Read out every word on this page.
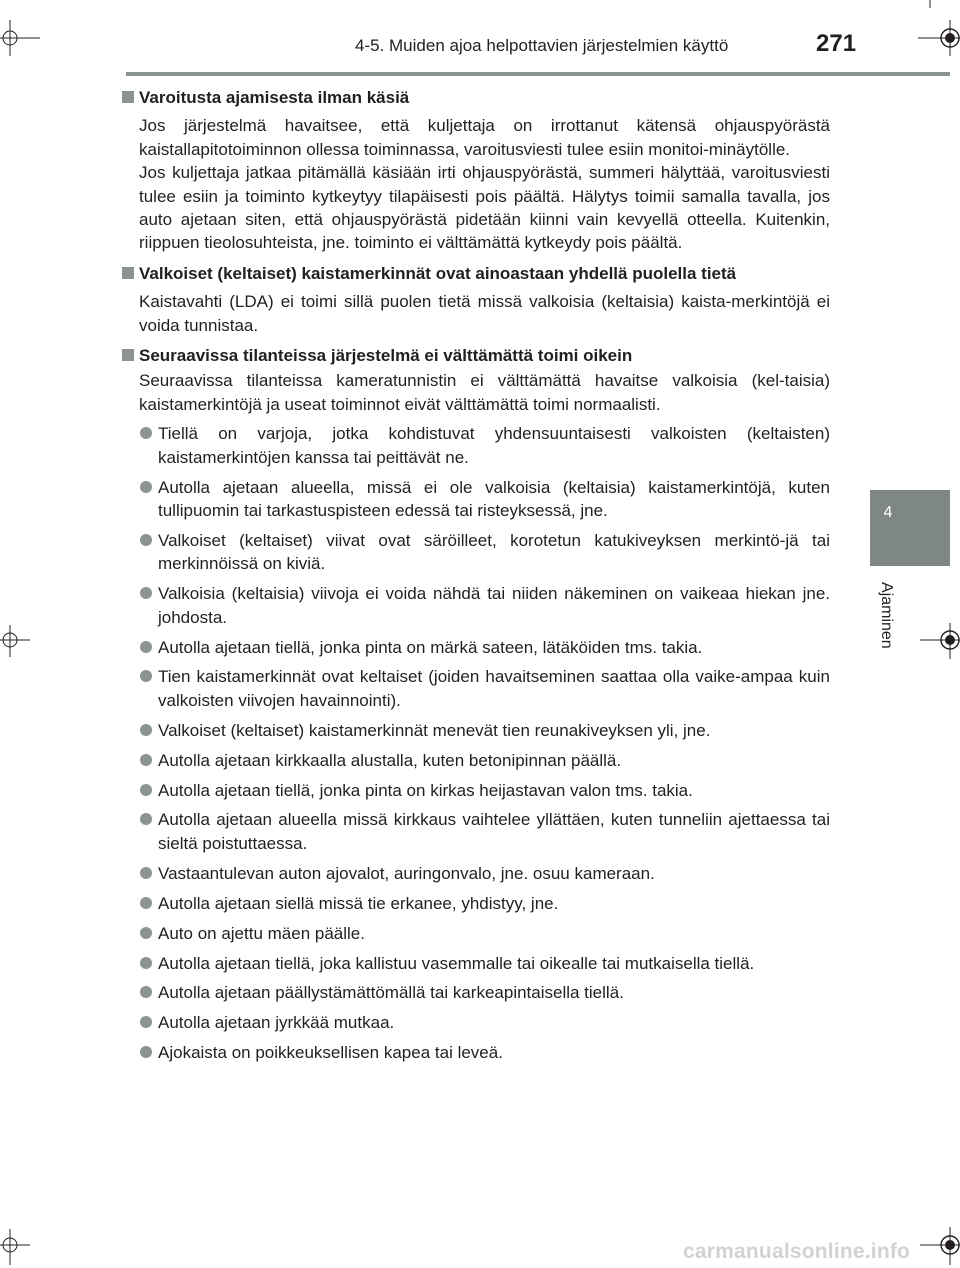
4-5. Muiden ajoa helpottavien järjestelmien käyttö	271
4
Ajaminen

Varoitusta ajamisesta ilman käsiä

Jos järjestelmä havaitsee, että kuljettaja on irrottanut kätensä ohjauspyörästä kaistallapitotoiminnon ollessa toiminnassa, varoitusviesti tulee esiin monitoi-minäytölle.
Jos kuljettaja jatkaa pitämällä käsiään irti ohjauspyörästä, summeri hälyttää, varoitusviesti tulee esiin ja toiminto kytkeytyy tilapäisesti pois päältä. Hälytys toimii samalla tavalla, jos auto ajetaan siten, että ohjauspyörästä pidetään kiinni vain kevyellä otteella. Kuitenkin, riippuen tieolosuhteista, jne. toiminto ei välttämättä kytkeydy pois päältä.

Valkoiset (keltaiset) kaistamerkinnät ovat ainoastaan yhdellä puolella tietä

Kaistavahti (LDA) ei toimi sillä puolen tietä missä valkoisia (keltaisia) kaista-merkintöjä ei voida tunnistaa.

Seuraavissa tilanteissa järjestelmä ei välttämättä toimi oikein

Seuraavissa tilanteissa kameratunnistin ei välttämättä havaitse valkoisia (kel-taisia) kaistamerkintöjä ja useat toiminnot eivät välttämättä toimi normaalisti.
Tiellä on varjoja, jotka kohdistuvat yhdensuuntaisesti valkoisten (keltaisten) kaistamerkintöjen kanssa tai peittävät ne.
Autolla ajetaan alueella, missä ei ole valkoisia (keltaisia) kaistamerkintöjä, kuten tullipuomin tai tarkastuspisteen edessä tai risteyksessä, jne.
Valkoiset (keltaiset) viivat ovat säröilleet, korotetun katukiveyksen merkintö-jä tai merkinnöissä on kiviä.
Valkoisia (keltaisia) viivoja ei voida nähdä tai niiden näkeminen on vaikeaa hiekan jne. johdosta.
Autolla ajetaan tiellä, jonka pinta on märkä sateen, lätäköiden tms. takia.
Tien kaistamerkinnät ovat keltaiset (joiden havaitseminen saattaa olla vaike-ampaa kuin valkoisten viivojen havainnointi).
Valkoiset (keltaiset) kaistamerkinnät menevät tien reunakiveyksen yli, jne.
Autolla ajetaan kirkkaalla alustalla, kuten betonipinnan päällä.
Autolla ajetaan tiellä, jonka pinta on kirkas heijastavan valon tms. takia.
Autolla ajetaan alueella missä kirkkaus vaihtelee yllättäen, kuten tunneliin ajettaessa tai sieltä poistuttaessa.
Vastaantulevan auton ajovalot, auringonvalo, jne. osuu kameraan.
Autolla ajetaan siellä missä tie erkanee, yhdistyy, jne.
Auto on ajettu mäen päälle.
Autolla ajetaan tiellä, joka kallistuu vasemmalle tai oikealle tai mutkaisella tiellä.
Autolla ajetaan päällystämättömällä tai karkeapintaisella tiellä.
Autolla ajetaan jyrkkää mutkaa.
Ajokaista on poikkeuksellisen kapea tai leveä.
carmanualsonline.info
